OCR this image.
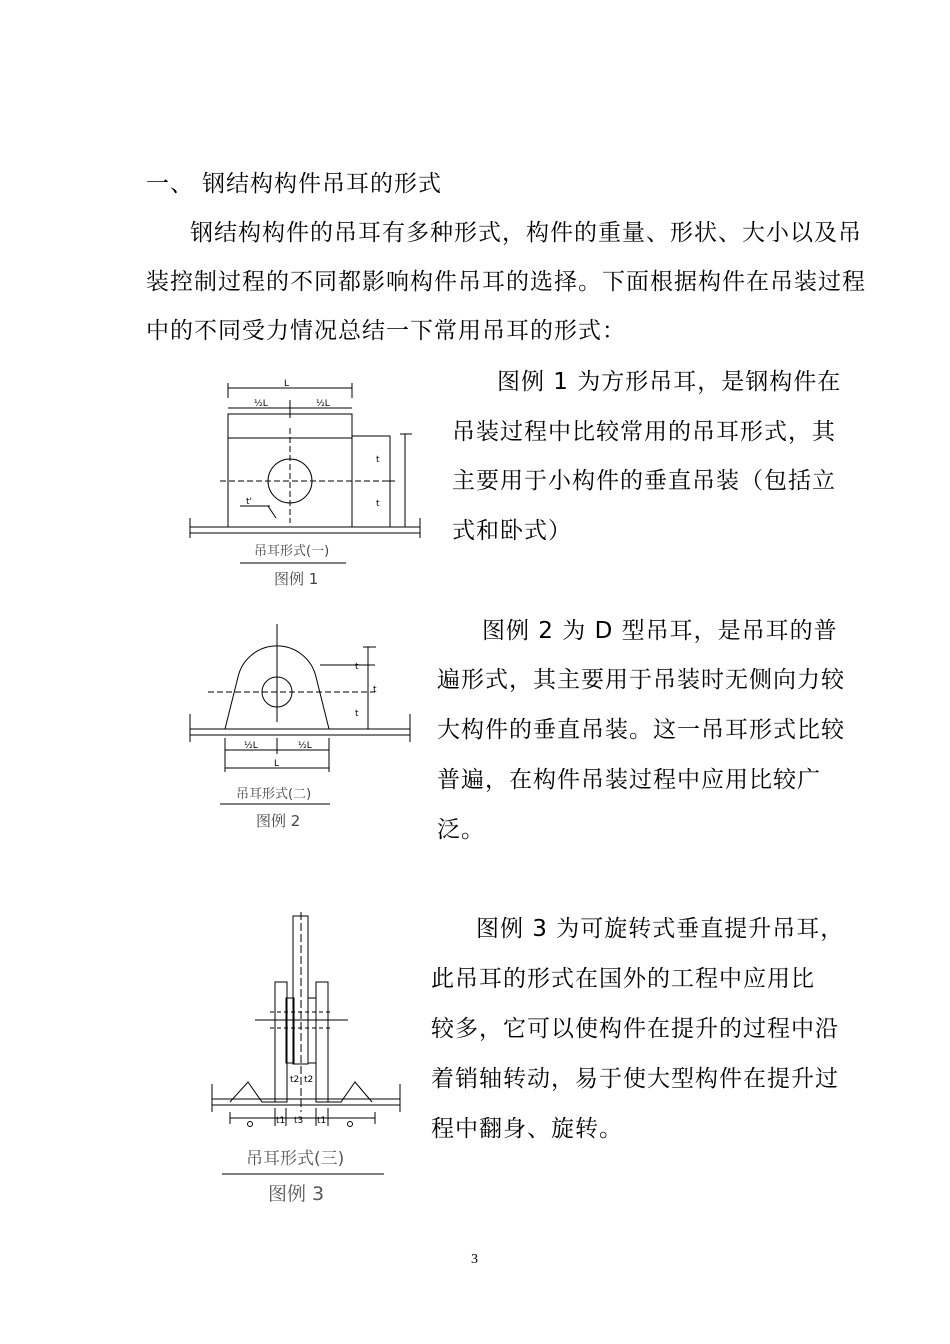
一、 钢结构构件吊耳的形式
钢结构构件的吊耳有多种形式，构件的重量、形状、大小以及吊
装控制过程的不同都影响构件吊耳的选择。下面根据构件在吊装过程
中的不同受力情况总结一下常用吊耳的形式：
图例 1 为方形吊耳，是钢构件在
吊装过程中比较常用的吊耳形式，其
主要用于小构件的垂直吊装（包括立
式和卧式）
L
½L	½L
t
t
t'
吊耳形式(一)
图例 1
图例 2 为 D 型吊耳，是吊耳的普
遍形式，其主要用于吊装时无侧向力较
大构件的垂直吊装。这一吊耳形式比较
普遍，在构件吊装过程中应用比较广
泛。
t
t
t
½L	½L
L
吊耳形式(二)
图例 2
图例 3 为可旋转式垂直提升吊耳，
此吊耳的形式在国外的工程中应用比
较多，它可以使构件在提升的过程中沿
着销轴转动，易于使大型构件在提升过
程中翻身、旋转。
t2 t2
t1 t3 t1
吊耳形式(三)
图例 3
3
